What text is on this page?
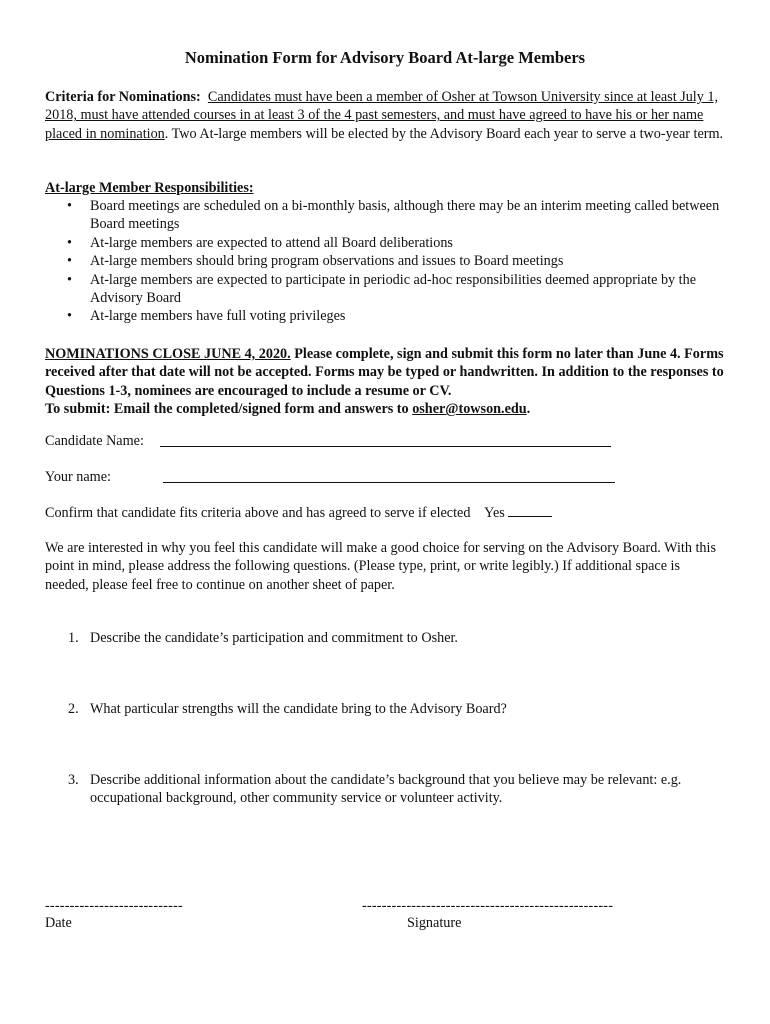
Nomination Form for Advisory Board At-large Members
Criteria for Nominations: Candidates must have been a member of Osher at Towson University since at least July 1, 2018, must have attended courses in at least 3 of the 4 past semesters, and must have agreed to have his or her name placed in nomination. Two At-large members will be elected by the Advisory Board each year to serve a two-year term.
At-large Member Responsibilities:
• Board meetings are scheduled on a bi-monthly basis, although there may be an interim meeting called between Board meetings
• At-large members are expected to attend all Board deliberations
• At-large members should bring program observations and issues to Board meetings
• At-large members are expected to participate in periodic ad-hoc responsibilities deemed appropriate by the Advisory Board
• At-large members have full voting privileges
NOMINATIONS CLOSE JUNE 4, 2020. Please complete, sign and submit this form no later than June 4. Forms received after that date will not be accepted. Forms may be typed or handwritten. In addition to the responses to Questions 1-3, nominees are encouraged to include a resume or CV.
To submit: Email the completed/signed form and answers to osher@towson.edu.
Candidate Name:
Your name:
Confirm that candidate fits criteria above and has agreed to serve if elected Yes
We are interested in why you feel this candidate will make a good choice for serving on the Advisory Board. With this point in mind, please address the following questions. (Please type, print, or write legibly.) If additional space is needed, please feel free to continue on another sheet of paper.
1. Describe the candidate’s participation and commitment to Osher.
2. What particular strengths will the candidate bring to the Advisory Board?
3. Describe additional information about the candidate’s background that you believe may be relevant: e.g. occupational background, other community service or volunteer activity.
----------------------------
Date
---------------------------------------------------
Signature
